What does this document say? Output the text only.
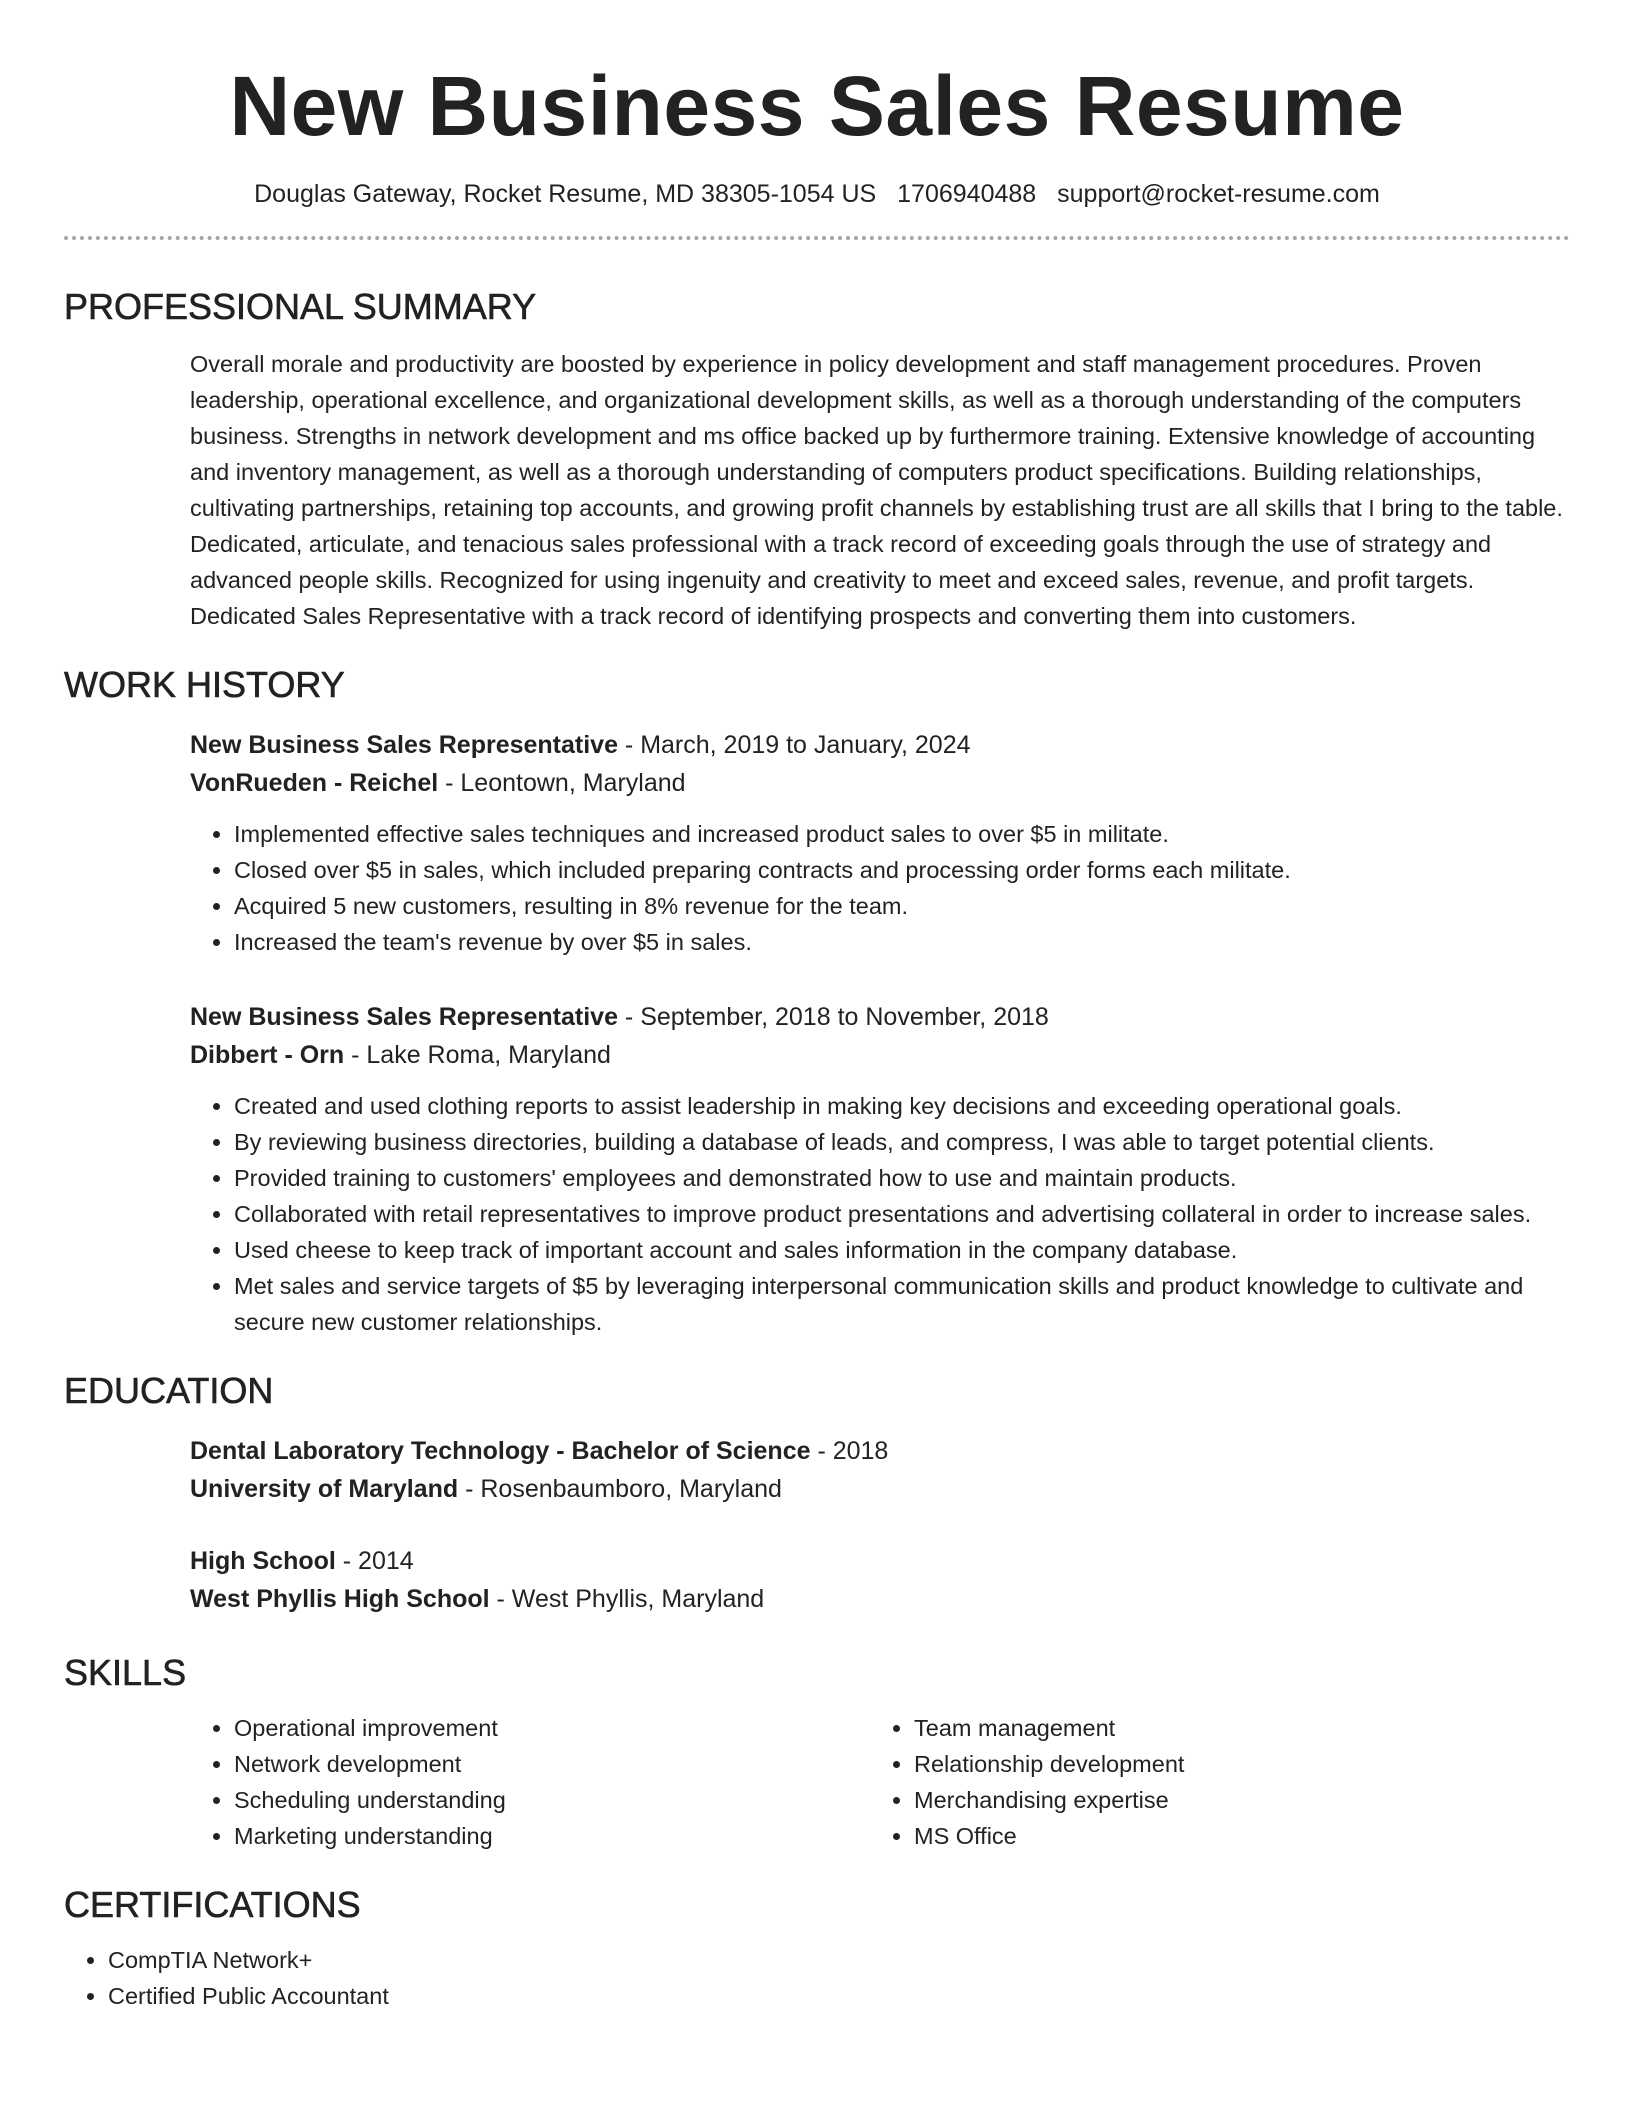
New Business Sales Resume
Douglas Gateway, Rocket Resume, MD 38305-1054 US 1706940488 support@rocket-resume.com
PROFESSIONAL SUMMARY

Overall morale and productivity are boosted by experience in policy development and staff management procedures. Proven leadership, operational excellence, and organizational development skills, as well as a thorough understanding of the computers business. Strengths in network development and ms office backed up by furthermore training. Extensive knowledge of accounting and inventory management, as well as a thorough understanding of computers product specifications. Building relationships, cultivating partnerships, retaining top accounts, and growing profit channels by establishing trust are all skills that I bring to the table. Dedicated, articulate, and tenacious sales professional with a track record of exceeding goals through the use of strategy and advanced people skills. Recognized for using ingenuity and creativity to meet and exceed sales, revenue, and profit targets. Dedicated Sales Representative with a track record of identifying prospects and converting them into customers.

WORK HISTORY
New Business Sales Representative - March, 2019 to January, 2024
VonRueden - Reichel - Leontown, Maryland
• Implemented effective sales techniques and increased product sales to over $5 in militate.
• Closed over $5 in sales, which included preparing contracts and processing order forms each militate.
• Acquired 5 new customers, resulting in 8% revenue for the team.
• Increased the team's revenue by over $5 in sales.
New Business Sales Representative - September, 2018 to November, 2018
Dibbert - Orn - Lake Roma, Maryland
• Created and used clothing reports to assist leadership in making key decisions and exceeding operational goals.
• By reviewing business directories, building a database of leads, and compress, I was able to target potential clients.
• Provided training to customers' employees and demonstrated how to use and maintain products.
• Collaborated with retail representatives to improve product presentations and advertising collateral in order to increase sales.
• Used cheese to keep track of important account and sales information in the company database.
• Met sales and service targets of $5 by leveraging interpersonal communication skills and product knowledge to cultivate and secure new customer relationships.
EDUCATION
Dental Laboratory Technology - Bachelor of Science - 2018
University of Maryland - Rosenbaumboro, Maryland
High School - 2014
West Phyllis High School - West Phyllis, Maryland
SKILLS
• Operational improvement
• Network development
• Scheduling understanding
• Marketing understanding
• Team management
• Relationship development
• Merchandising expertise
• MS Office
CERTIFICATIONS
• CompTIA Network+
• Certified Public Accountant
